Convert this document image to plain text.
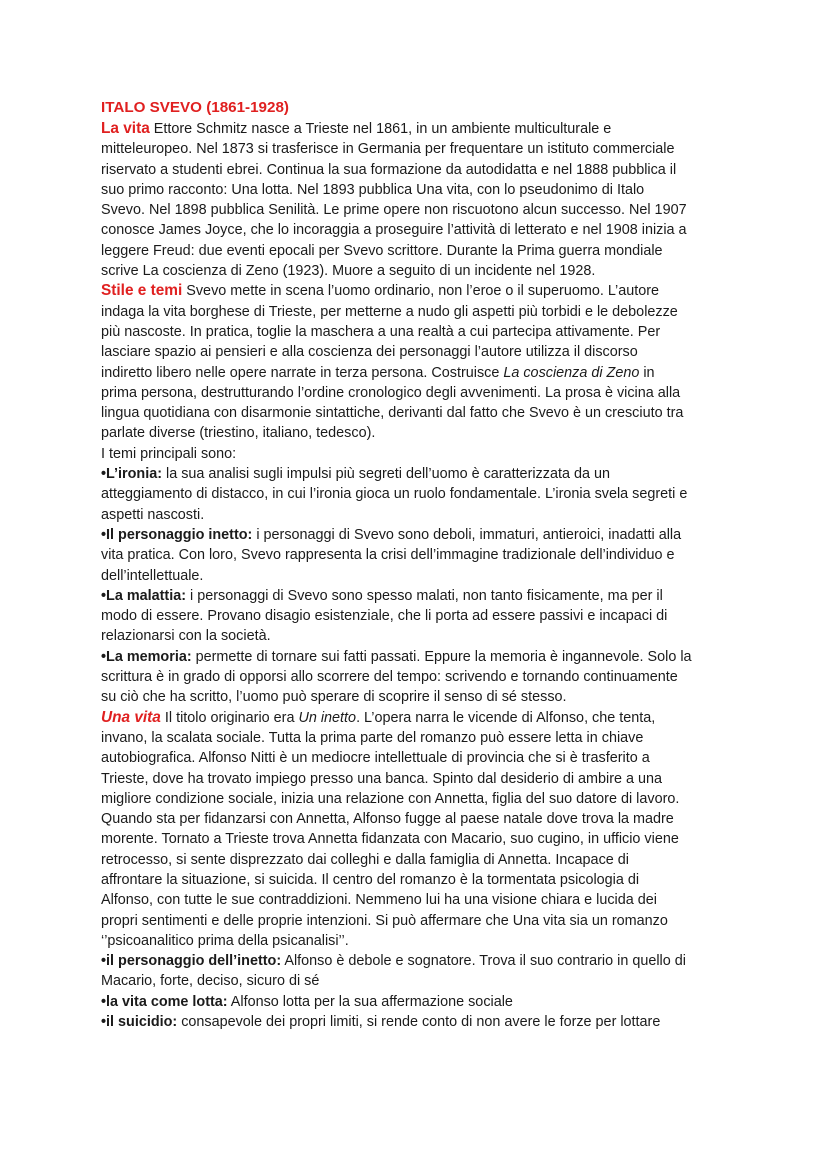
ITALO SVEVO (1861-1928)

La vita Ettore Schmitz nasce a Trieste nel 1861, in un ambiente multiculturale e

mitteleuropeo. Nel 1873 si trasferisce in Germania per frequentare un istituto commerciale

riservato a studenti ebrei. Continua la sua formazione da autodidatta e nel 1888 pubblica il

suo primo racconto: Una lotta. Nel 1893 pubblica Una vita, con lo pseudonimo di Italo

Svevo. Nel 1898 pubblica Senilità. Le prime opere non riscuotono alcun successo. Nel 1907

conosce James Joyce, che lo incoraggia a proseguire l’attività di letterato e nel 1908 inizia a

leggere Freud: due eventi epocali per Svevo scrittore. Durante la Prima guerra mondiale

scrive La coscienza di Zeno (1923). Muore a seguito di un incidente nel 1928.

Stile e temi Svevo mette in scena l’uomo ordinario, non l’eroe o il superuomo. L’autore

indaga la vita borghese di Trieste, per metterne a nudo gli aspetti più torbidi e le debolezze

più nascoste. In pratica, toglie la maschera a una realtà a cui partecipa attivamente. Per

lasciare spazio ai pensieri e alla coscienza dei personaggi l’autore utilizza il discorso

indiretto libero nelle opere narrate in terza persona. Costruisce La coscienza di Zeno in

prima persona, destrutturando l’ordine cronologico degli avvenimenti. La prosa è vicina alla

lingua quotidiana con disarmonie sintattiche, derivanti dal fatto che Svevo è un cresciuto tra

parlate diverse (triestino, italiano, tedesco).

I temi principali sono:

•L’ironia: la sua analisi sugli impulsi più segreti dell’uomo è caratterizzata da un

atteggiamento di distacco, in cui l’ironia gioca un ruolo fondamentale. L’ironia svela segreti e

aspetti nascosti.

•Il personaggio inetto: i personaggi di Svevo sono deboli, immaturi, antieroici, inadatti alla

vita pratica. Con loro, Svevo rappresenta la crisi dell’immagine tradizionale dell’individuo e

dell’intellettuale.

•La malattia: i personaggi di Svevo sono spesso malati, non tanto fisicamente, ma per il

modo di essere. Provano disagio esistenziale, che li porta ad essere passivi e incapaci di

relazionarsi con la società.

•La memoria: permette di tornare sui fatti passati. Eppure la memoria è ingannevole. Solo la

scrittura è in grado di opporsi allo scorrere del tempo: scrivendo e tornando continuamente

su ciò che ha scritto, l’uomo può sperare di scoprire il senso di sé stesso.

Una vita Il titolo originario era Un inetto. L’opera narra le vicende di Alfonso, che tenta,

invano, la scalata sociale. Tutta la prima parte del romanzo può essere letta in chiave

autobiografica. Alfonso Nitti è un mediocre intellettuale di provincia che si è trasferito a

Trieste, dove ha trovato impiego presso una banca. Spinto dal desiderio di ambire a una

migliore condizione sociale, inizia una relazione con Annetta, figlia del suo datore di lavoro.

Quando sta per fidanzarsi con Annetta, Alfonso fugge al paese natale dove trova la madre

morente. Tornato a Trieste trova Annetta fidanzata con Macario, suo cugino, in ufficio viene

retrocesso, si sente disprezzato dai colleghi e dalla famiglia di Annetta. Incapace di

affrontare la situazione, si suicida. Il centro del romanzo è la tormentata psicologia di

Alfonso, con tutte le sue contraddizioni. Nemmeno lui ha una visione chiara e lucida dei

propri sentimenti e delle proprie intenzioni. Si può affermare che Una vita sia un romanzo

‘’psicoanalitico prima della psicanalisi’’.

•il personaggio dell’inetto: Alfonso è debole e sognatore. Trova il suo contrario in quello di

Macario, forte, deciso, sicuro di sé

•la vita come lotta: Alfonso lotta per la sua affermazione sociale

•il suicidio: consapevole dei propri limiti, si rende conto di non avere le forze per lottare
